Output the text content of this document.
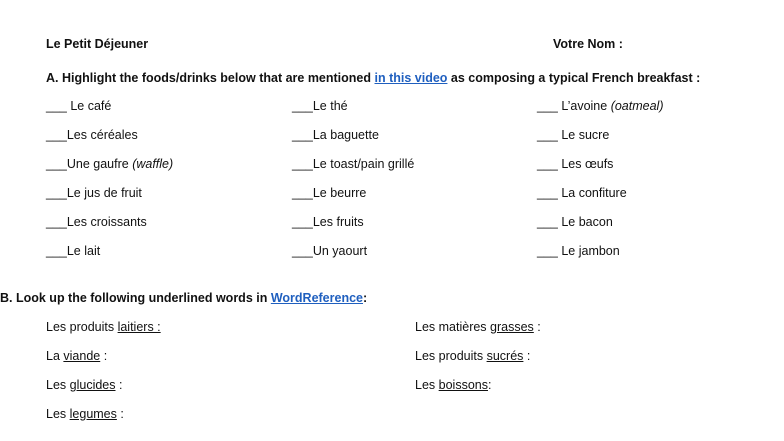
Le Petit Déjeuner	Votre Nom :
A. Highlight the foods/drinks below that are mentioned in this video as composing a typical French breakfast :
___ Le café	___Le thé	___ L’avoine (oatmeal)
___Les céréales	___La baguette	___ Le sucre
___Une gaufre (waffle)	___Le toast/pain grillé	___ Les œufs
___Le jus de fruit	___Le beurre	___ La confiture
___Les croissants	___Les fruits	___ Le bacon
___Le lait	___Un yaourt	___ Le jambon
B. Look up the following underlined words in WordReference:
Les produits laitiers :	Les matières grasses :
La viande :	Les produits sucrés :
Les glucides :	Les boissons:
Les legumes :
